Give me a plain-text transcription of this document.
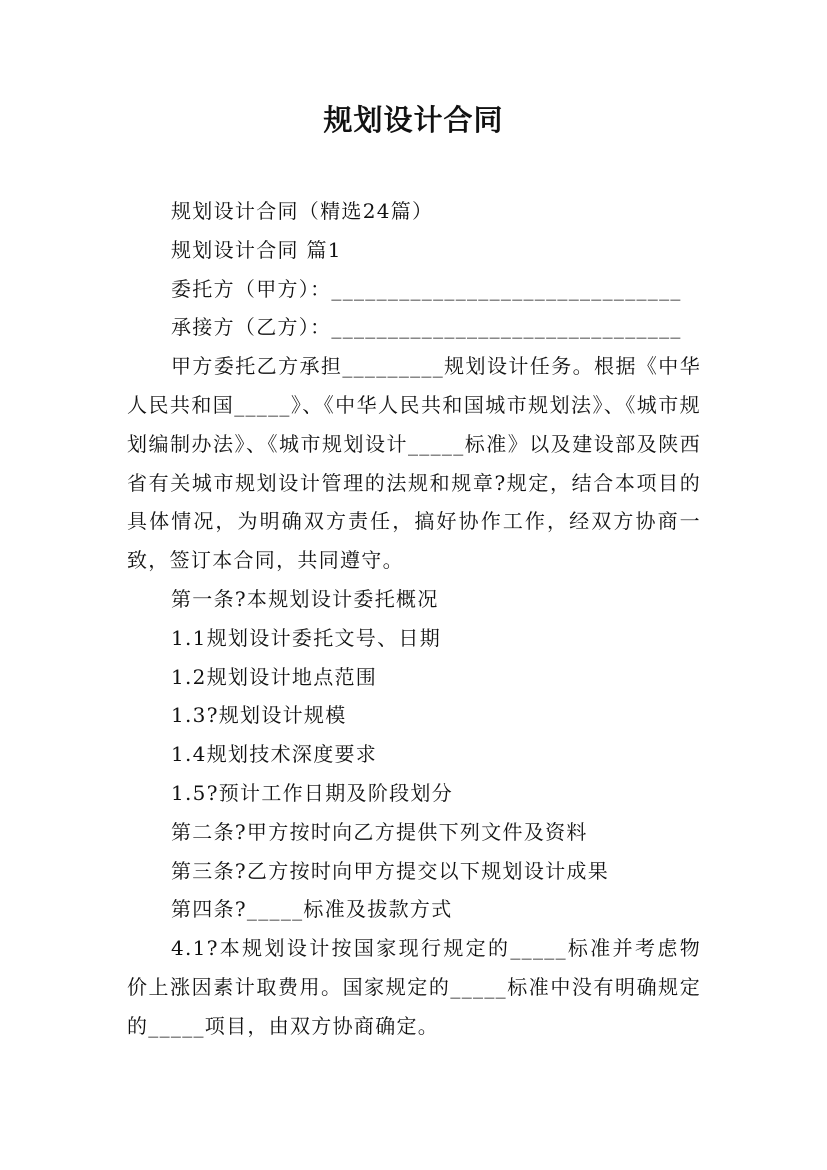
规划设计合同
规划设计合同（精选24篇）
规划设计合同 篇1
委托方（甲方）：_______________________________
承接方（乙方）：_______________________________
甲方委托乙方承担_________规划设计任务。根据《中华人民共和国_____》、《中华人民共和国城市规划法》、《城市规划编制办法》、《城市规划设计_____标准》以及建设部及陕西省有关城市规划设计管理的法规和规章?规定，结合本项目的具体情况，为明确双方责任，搞好协作工作，经双方协商一致，签订本合同，共同遵守。
第一条?本规划设计委托概况
1.1规划设计委托文号、日期
1.2规划设计地点范围
1.3?规划设计规模
1.4规划技术深度要求
1.5?预计工作日期及阶段划分
第二条?甲方按时向乙方提供下列文件及资料
第三条?乙方按时向甲方提交以下规划设计成果
第四条?_____标准及拔款方式
4.1?本规划设计按国家现行规定的_____标准并考虑物价上涨因素计取费用。国家规定的_____标准中没有明确规定的_____项目，由双方协商确定。
